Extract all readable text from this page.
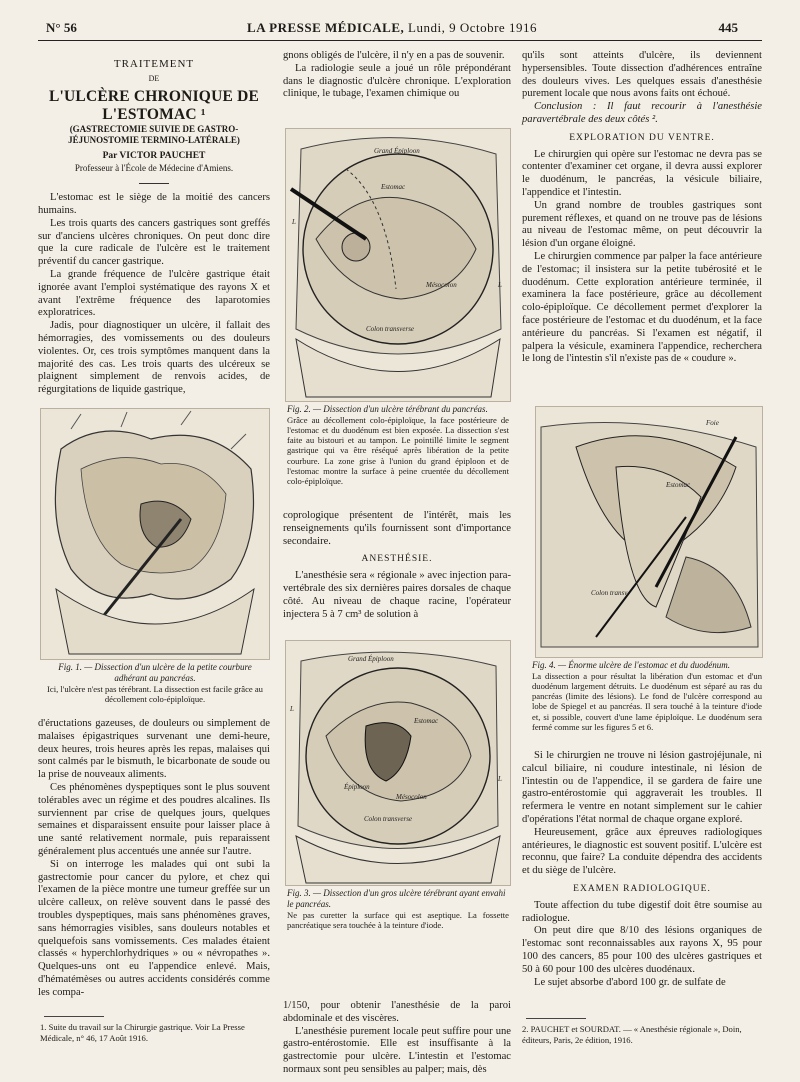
N° 56	LA PRESSE MÉDICALE, Lundi, 9 Octobre 1916	445
TRAITEMENT
DE
L'ULCÈRE CHRONIQUE DE L'ESTOMAC ¹
(GASTRECTOMIE SUIVIE DE GASTRO-JÉJUNOSTOMIE TERMINO-LATÉRALE)
Par VICTOR PAUCHET
Professeur à l'École de Médecine d'Amiens.

L'estomac est le siège de la moitié des cancers humains.

Les trois quarts des cancers gastriques sont greffés sur d'anciens ulcères chroniques. On peut donc dire que la cure radicale de l'ulcère est le traitement préventif du cancer gastrique.

La grande fréquence de l'ulcère gastrique était ignorée avant l'emploi systématique des rayons X et avant l'extrême fréquence des laparotomies exploratrices.

Jadis, pour diagnostiquer un ulcère, il fallait des hémorragies, des vomissements ou des douleurs violentes. Or, ces trois symptômes manquent dans la majorité des cas. Les trois quarts des ulcéreux se plaignent simplement de renvois acides, de régurgitations de liquide gastrique,

Fig. 1. — Dissection d'un ulcère de la petite courbure adhérant au pancréas.
Ici, l'ulcère n'est pas térébrant. La dissection est facile grâce au décollement colo-épiploïque.

d'éructations gazeuses, de douleurs ou simplement de malaises épigastriques survenant une demi-heure, deux heures, trois heures après les repas, malaises qui sont calmés par le bismuth, le bicarbonate de soude ou la prise de nouveaux aliments.

Ces phénomènes dyspeptiques sont le plus souvent tolérables avec un régime et des poudres alcalines. Ils surviennent par crise de quelques jours, quelques semaines et disparaissent ensuite pour laisser place à une santé relativement normale, puis reparaissent généralement plus accentués une année sur l'autre.

Si on interroge les malades qui ont subi la gastrectomie pour cancer du pylore, et chez qui l'examen de la pièce montre une tumeur greffée sur un ulcère calleux, on relève souvent dans le passé des troubles dyspeptiques, mais sans phénomènes graves, sans hémorragies visibles, sans douleurs notables et quelquefois sans vomissements. Ces malades étaient classés « hyperchlorhydriques » ou « névropathes ». Quelques-uns ont eu l'appendice enlevé. Mais, d'hématémèses ou autres accidents considérés comme les compa-

1. Suite du travail sur la Chirurgie gastrique. Voir La Presse Médicale, n° 46, 17 Août 1916.

gnons obligés de l'ulcère, il n'y en a pas de souvenir.

La radiologie seule a joué un rôle prépondérant dans le diagnostic d'ulcère chronique. L'exploration clinique, le tubage, l'examen chimique ou

Grand Épiploon
Estomac
Mésocolon
Colon transverse
L
L
Fig. 2. — Dissection d'un ulcère térébrant du pancréas.
Grâce au décollement colo-épiploïque, la face postérieure de l'estomac et du duodénum est bien exposée. La dissection s'est faite au bistouri et au tampon. Le pointillé limite le segment gastrique qui va être réséqué après libération de la petite courbure. La zone grise à l'union du grand épiploon et de l'estomac montre la surface à peine cruentée du décollement colo-épiploïque.

coprologique présentent de l'intérêt, mais les renseignements qu'ils fournissent sont d'importance secondaire.

ANESTHÉSIE.

L'anesthésie sera « régionale » avec injection para-vertébrale des six dernières paires dorsales de chaque côté. Au niveau de chaque racine, l'opérateur injectera 5 à 7 cm³ de solution à

Grand Épiploon
Estomac
Épiploon
Mésocolon
Colon transverse
L
L
Fig. 3. — Dissection d'un gros ulcère térébrant ayant envahi le pancréas.
Ne pas curetter la surface qui est aseptique. La fossette pancréatique sera touchée à la teinture d'iode.

1/150, pour obtenir l'anesthésie de la paroi abdominale et des viscères.

L'anesthésie purement locale peut suffire pour une gastro-entérostomie. Elle est insuffisante à la gastrectomie pour ulcère. L'intestin et l'estomac normaux sont peu sensibles au palper; mais, dès

qu'ils sont atteints d'ulcère, ils deviennent hypersensibles. Toute dissection d'adhérences entraîne des douleurs vives. Les quelques essais d'anesthésie purement locale que nous avons faits ont échoué.

Conclusion : Il faut recourir à l'anesthésie paravertébrale des deux côtés ².

EXPLORATION DU VENTRE.

Le chirurgien qui opère sur l'estomac ne devra pas se contenter d'examiner cet organe, il devra aussi explorer le duodénum, le pancréas, la vésicule biliaire, l'appendice et l'intestin.

Un grand nombre de troubles gastriques sont purement réflexes, et quand on ne trouve pas de lésions au niveau de l'estomac même, on peut découvrir la lésion d'un organe éloigné.

Le chirurgien commence par palper la face antérieure de l'estomac; il insistera sur la petite tubérosité et le duodénum. Cette exploration antérieure terminée, il examinera la face postérieure, grâce au décollement colo-épiploïque. Ce décollement permet d'explorer la face postérieure de l'estomac et du duodénum, et la face antérieure du pancréas. Si l'examen est négatif, il palpera la vésicule, examinera l'appendice, recherchera le long de l'intestin s'il n'existe pas de « coudure ».

Foie
Estomac
Colon transv.
Fig. 4. — Énorme ulcère de l'estomac et du duodénum.
La dissection a pour résultat la libération d'un estomac et d'un duodénum largement détruits. Le duodénum est séparé au ras du pancréas (limite des lésions). Le fond de l'ulcère correspond au lobe de Spiegel et au pancréas. Il sera touché à la teinture d'iode et, si possible, couvert d'une lame épiploïque. Le duodénum sera fermé comme sur les figures 5 et 6.

Si le chirurgien ne trouve ni lésion gastrojéjunale, ni calcul biliaire, ni coudure intestinale, ni lésion de l'intestin ou de l'appendice, il se gardera de faire une gastro-entérostomie qui aggraverait les troubles. Il refermera le ventre en notant simplement sur le cahier d'opérations l'état normal de chaque organe exploré.

Heureusement, grâce aux épreuves radiologiques antérieures, le diagnostic est souvent positif. L'ulcère est reconnu, que faire? La conduite dépendra des accidents et du siège de l'ulcère.

EXAMEN RADIOLOGIQUE.

Toute affection du tube digestif doit être soumise au radiologue.

On peut dire que 8/10 des lésions organiques de l'estomac sont reconnaissables aux rayons X, 95 pour 100 des cancers, 85 pour 100 des ulcères gastriques et 50 à 60 pour 100 des ulcères duodénaux.

Le sujet absorbe d'abord 100 gr. de sulfate de

2. PAUCHET et SOURDAT. — « Anesthésie régionale », Doin, éditeurs, Paris, 2e édition, 1916.
